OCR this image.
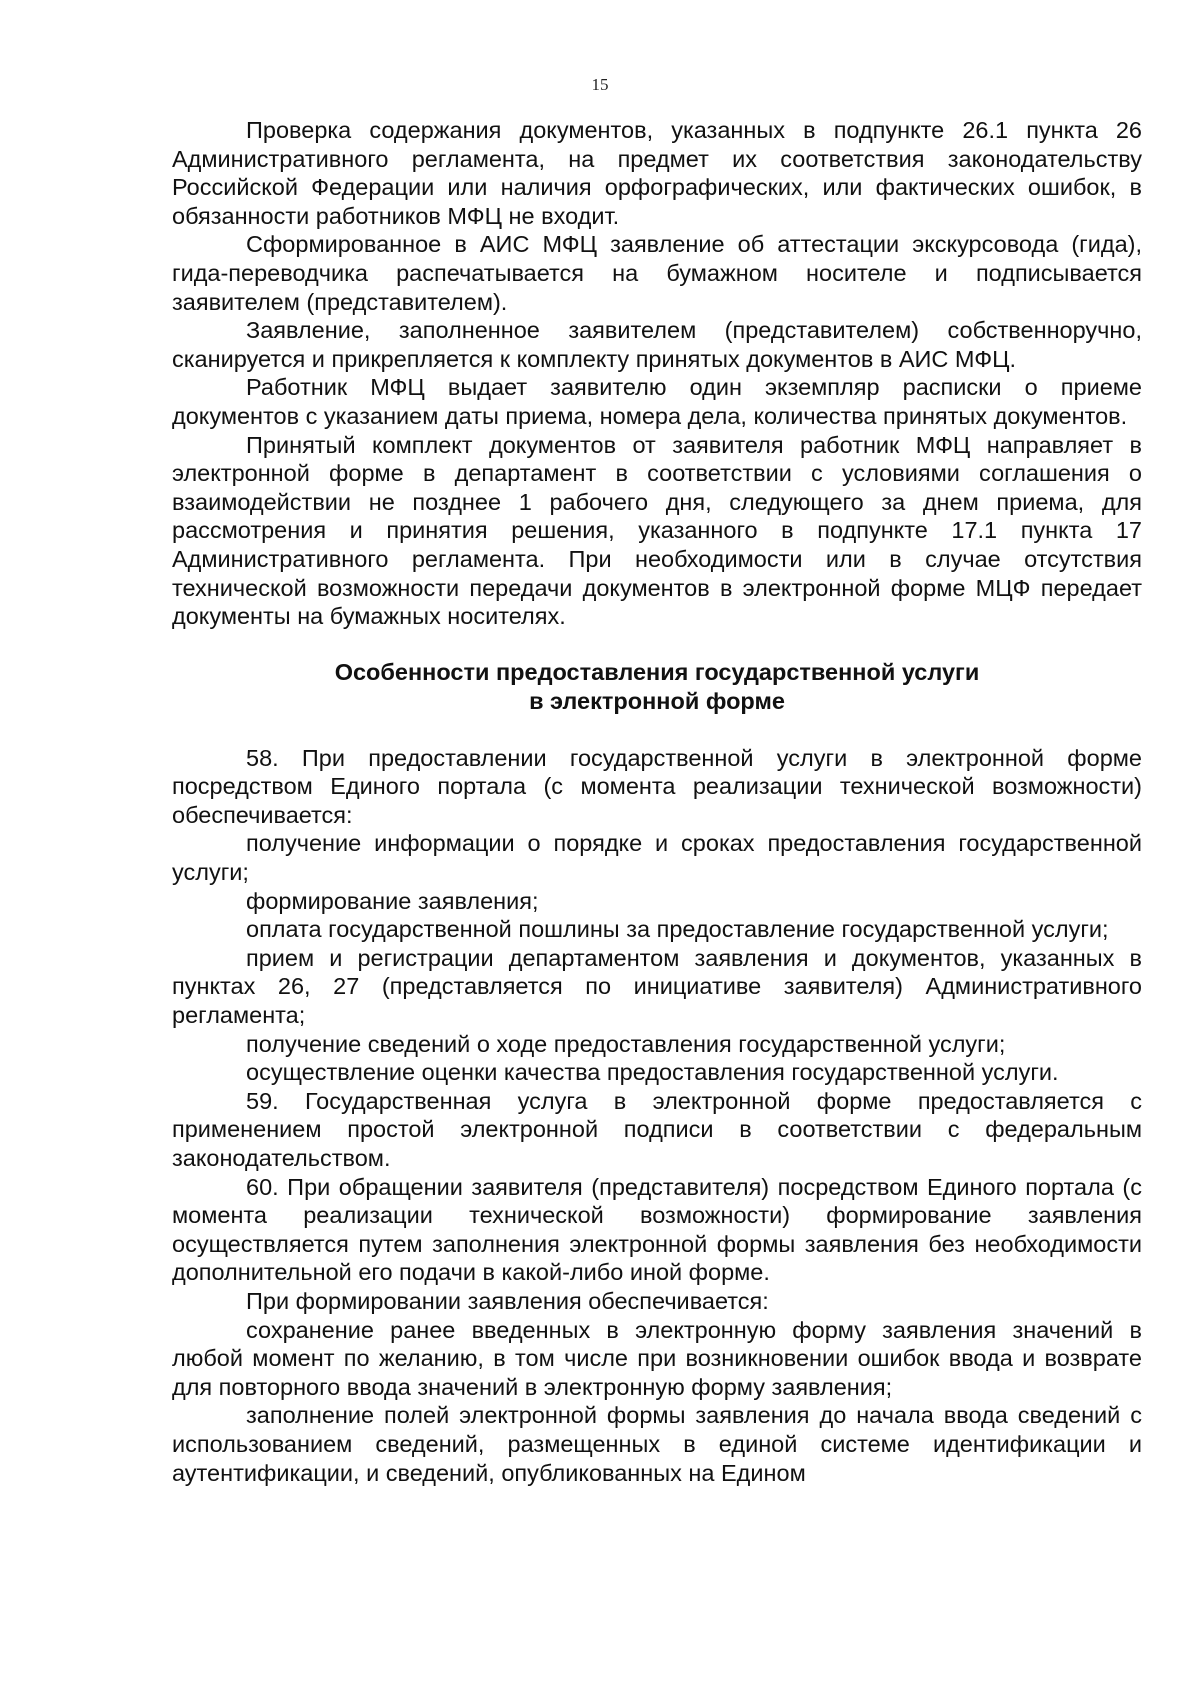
15

Проверка содержания документов, указанных в подпункте 26.1 пункта 26 Административного регламента, на предмет их соответствия законодательству Российской Федерации или наличия орфографических, или фактических ошибок, в обязанности работников МФЦ не входит.

Сформированное в АИС МФЦ заявление об аттестации экскурсовода (гида), гида-переводчика распечатывается на бумажном носителе и подписывается заявителем (представителем).

Заявление, заполненное заявителем (представителем) собственноручно, сканируется и прикрепляется к комплекту принятых документов в АИС МФЦ.

Работник МФЦ выдает заявителю один экземпляр расписки о приеме документов с указанием даты приема, номера дела, количества принятых документов.

Принятый комплект документов от заявителя работник МФЦ направляет в электронной форме в департамент в соответствии с условиями соглашения о взаимодействии не позднее 1 рабочего дня, следующего за днем приема, для рассмотрения и принятия решения, указанного в подпункте 17.1 пункта 17 Административного регламента. При необходимости или в случае отсутствия технической возможности передачи документов в электронной форме МЦФ передает документы на бумажных носителях.

Особенности предоставления государственной услуги
в электронной форме

58. При предоставлении государственной услуги в электронной форме посредством Единого портала (с момента реализации технической возможности) обеспечивается:

получение информации о порядке и сроках предоставления государственной услуги;

формирование заявления;

оплата государственной пошлины за предоставление государственной услуги;

прием и регистрации департаментом заявления и документов, указанных в пунктах 26, 27 (представляется по инициативе заявителя) Административного регламента;

получение сведений о ходе предоставления государственной услуги;

осуществление оценки качества предоставления государственной услуги.

59. Государственная услуга в электронной форме предоставляется с применением простой электронной подписи в соответствии с федеральным законодательством.

60. При обращении заявителя (представителя) посредством Единого портала (с момента реализации технической возможности) формирование заявления осуществляется путем заполнения электронной формы заявления без необходимости дополнительной его подачи в какой-либо иной форме.

При формировании заявления обеспечивается:

сохранение ранее введенных в электронную форму заявления значений в любой момент по желанию, в том числе при возникновении ошибок ввода и возврате для повторного ввода значений в электронную форму заявления;

заполнение полей электронной формы заявления до начала ввода сведений с использованием сведений, размещенных в единой системе идентификации и аутентификации, и сведений, опубликованных на Едином
